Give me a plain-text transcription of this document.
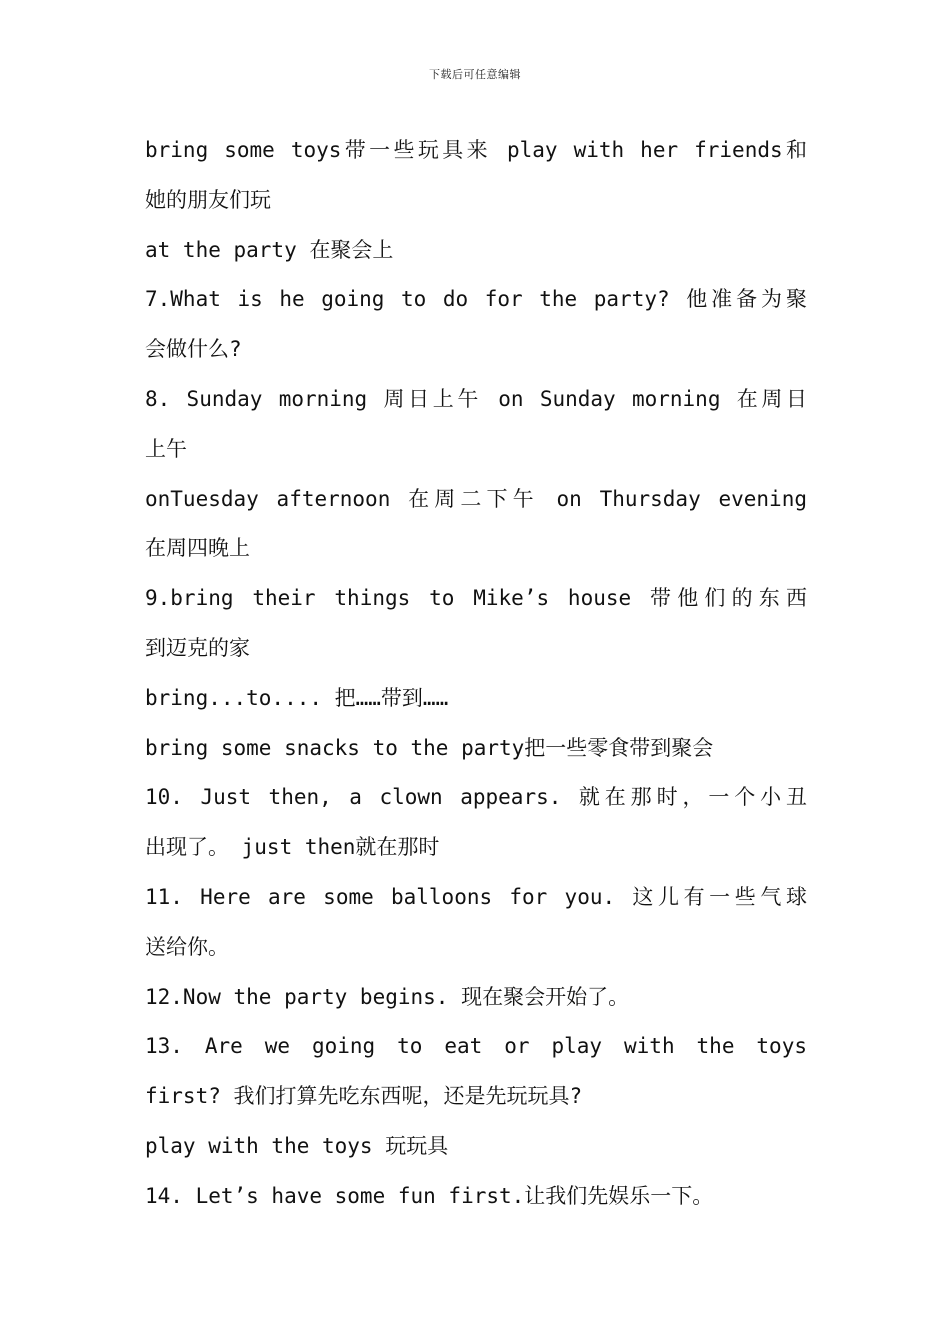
下载后可任意编辑
bring some toys带一些玩具来 play with her friends和
她的朋友们玩
at the party 在聚会上
7.What is he going to do for the party? 他准备为聚
会做什么?
8. Sunday morning 周日上午 on Sunday morning 在周日
上午
onTuesday afternoon 在周二下午 on Thursday evening
在周四晚上
9.bring their things to Mike’s house 带他们的东西
到迈克的家
bring...to.... 把……带到……
bring some snacks to the party把一些零食带到聚会
10. Just then, a clown appears. 就在那时，一个小丑
出现了。 just then就在那时
11. Here are some balloons for you. 这儿有一些气球
送给你。
12.Now the party begins. 现在聚会开始了。
13. Are we going to eat or play with the toys
first? 我们打算先吃东西呢，还是先玩玩具?
play with the toys 玩玩具
14. Let’s have some fun first.让我们先娱乐一下。
